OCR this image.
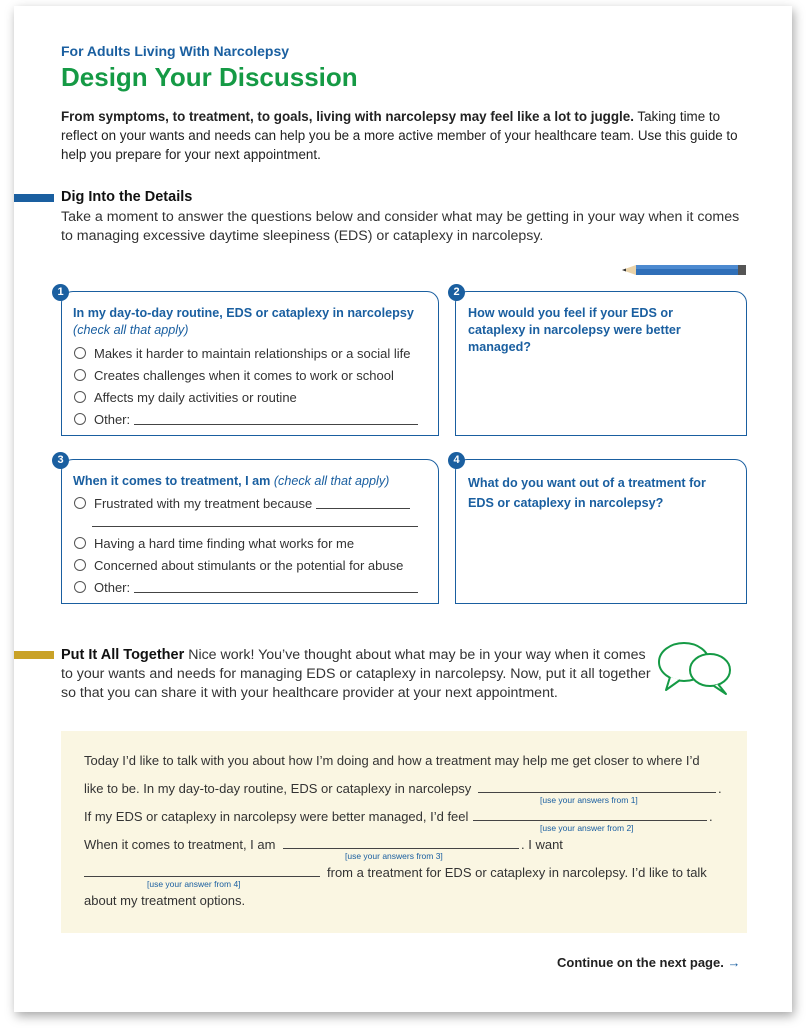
For Adults Living With Narcolepsy
Design Your Discussion
From symptoms, to treatment, to goals, living with narcolepsy may feel like a lot to juggle. Taking time to reflect on your wants and needs can help you be a more active member of your healthcare team. Use this guide to help you prepare for your next appointment.
Dig Into the Details
Take a moment to answer the questions below and consider what may be getting in your way when it comes to managing excessive daytime sleepiness (EDS) or cataplexy in narcolepsy.
1
In my day-to-day routine, EDS or cataplexy in narcolepsy
(check all that apply)
Makes it harder to maintain relationships or a social life
Creates challenges when it comes to work or school
Affects my daily activities or routine
Other:
2
How would you feel if your EDS or cataplexy in narcolepsy were better managed?
3
When it comes to treatment, I am (check all that apply)
Frustrated with my treatment because
Having a hard time finding what works for me
Concerned about stimulants or the potential for abuse
Other:
4
What do you want out of a treatment for EDS or cataplexy in narcolepsy?
Put It All Together Nice work! You’ve thought about what may be in your way when it comes to your wants and needs for managing EDS or cataplexy in narcolepsy. Now, put it all together so that you can share it with your healthcare provider at your next appointment.
Today I’d like to talk with you about how I’m doing and how a treatment may help me get closer to where I’d
like to be. In my day-to-day routine, EDS or cataplexy in narcolepsy	.
[use your answers from 1]
If my EDS or cataplexy in narcolepsy were better managed, I’d feel	.
[use your answer from 2]
When it comes to treatment, I am	. I want
[use your answers from 3]
from a treatment for EDS or cataplexy in narcolepsy. I’d like to talk
[use your answer from 4]
about my treatment options.
Continue on the next page. →
